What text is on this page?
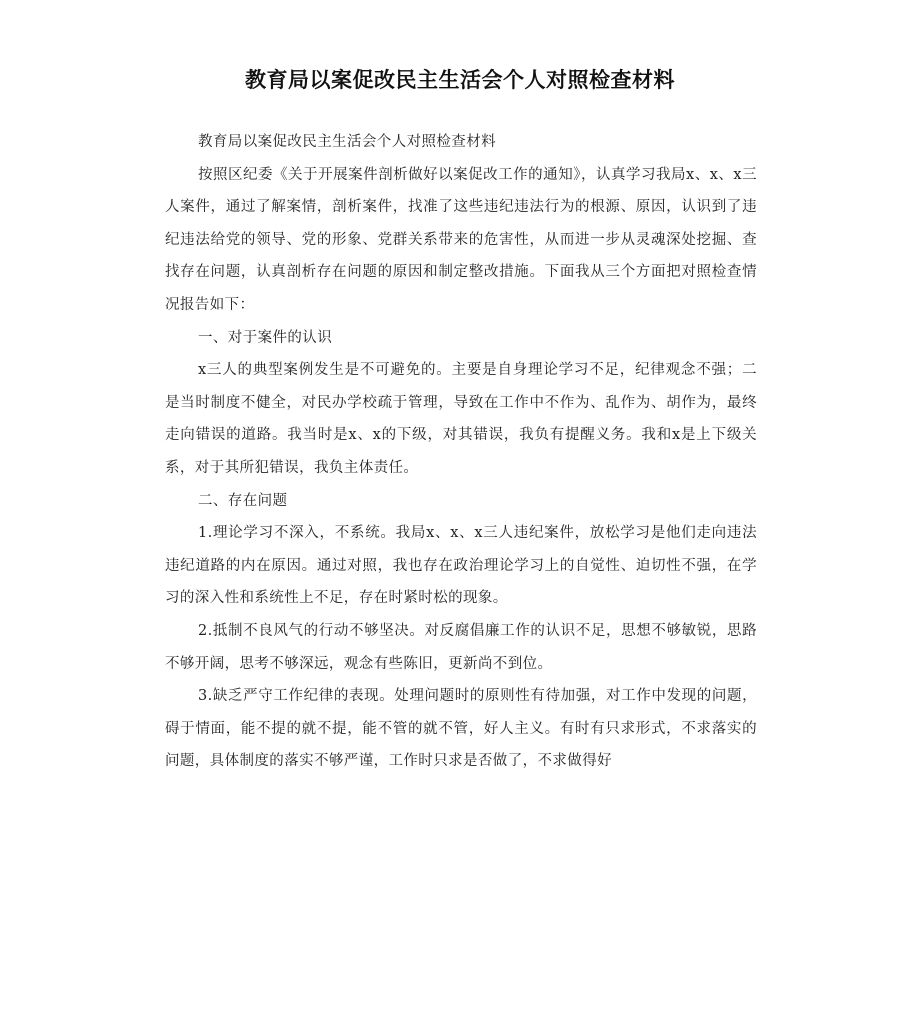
教育局以案促改民主生活会个人对照检查材料

教育局以案促改民主生活会个人对照检查材料

按照区纪委《关于开展案件剖析做好以案促改工作的通知》，认真学习我局x、x、x三人案件，通过了解案情，剖析案件，找准了这些违纪违法行为的根源、原因，认识到了违纪违法给党的领导、党的形象、党群关系带来的危害性，从而进一步从灵魂深处挖掘、查找存在问题，认真剖析存在问题的原因和制定整改措施。下面我从三个方面把对照检查情况报告如下：

一、对于案件的认识

x三人的典型案例发生是不可避免的。主要是自身理论学习不足，纪律观念不强；二是当时制度不健全，对民办学校疏于管理，导致在工作中不作为、乱作为、胡作为，最终走向错误的道路。我当时是x、x的下级，对其错误，我负有提醒义务。我和x是上下级关系，对于其所犯错误，我负主体责任。

二、存在问题

1.理论学习不深入，不系统。我局x、x、x三人违纪案件，放松学习是他们走向违法违纪道路的内在原因。通过对照，我也存在政治理论学习上的自觉性、迫切性不强，在学习的深入性和系统性上不足，存在时紧时松的现象。

2.抵制不良风气的行动不够坚决。对反腐倡廉工作的认识不足，思想不够敏锐，思路不够开阔，思考不够深远，观念有些陈旧，更新尚不到位。

3.缺乏严守工作纪律的表现。处理问题时的原则性有待加强，对工作中发现的问题，碍于情面，能不提的就不提，能不管的就不管，好人主义。有时有只求形式，不求落实的问题，具体制度的落实不够严谨，工作时只求是否做了，不求做得好
